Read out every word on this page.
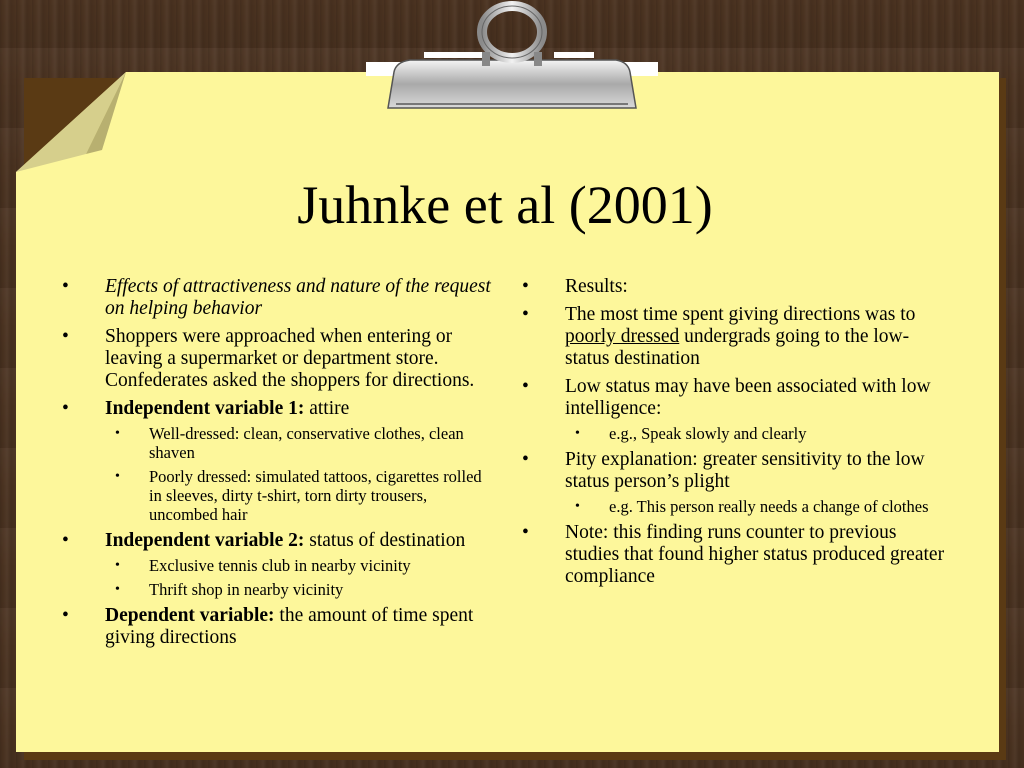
Juhnke et al (2001)
• Effects of attractiveness and nature of the request on helping behavior
• Shoppers were approached when entering or leaving a supermarket or department store. Confederates asked the shoppers for directions.
• Independent variable 1: attire
• Well-dressed: clean, conservative clothes, clean shaven
• Poorly dressed: simulated tattoos, cigarettes rolled in sleeves, dirty t-shirt, torn dirty trousers, uncombed hair
• Independent variable 2: status of destination
• Exclusive tennis club in nearby vicinity
• Thrift shop in nearby vicinity
• Dependent variable: the amount of time spent giving directions
• Results:
• The most time spent giving directions was to poorly dressed undergrads going to the low-status destination
• Low status may have been associated with low intelligence:
• e.g., Speak slowly and clearly
• Pity explanation: greater sensitivity to the low status person’s plight
• e.g. This person really needs a change of clothes
• Note: this finding runs counter to previous studies that found higher status produced greater compliance
